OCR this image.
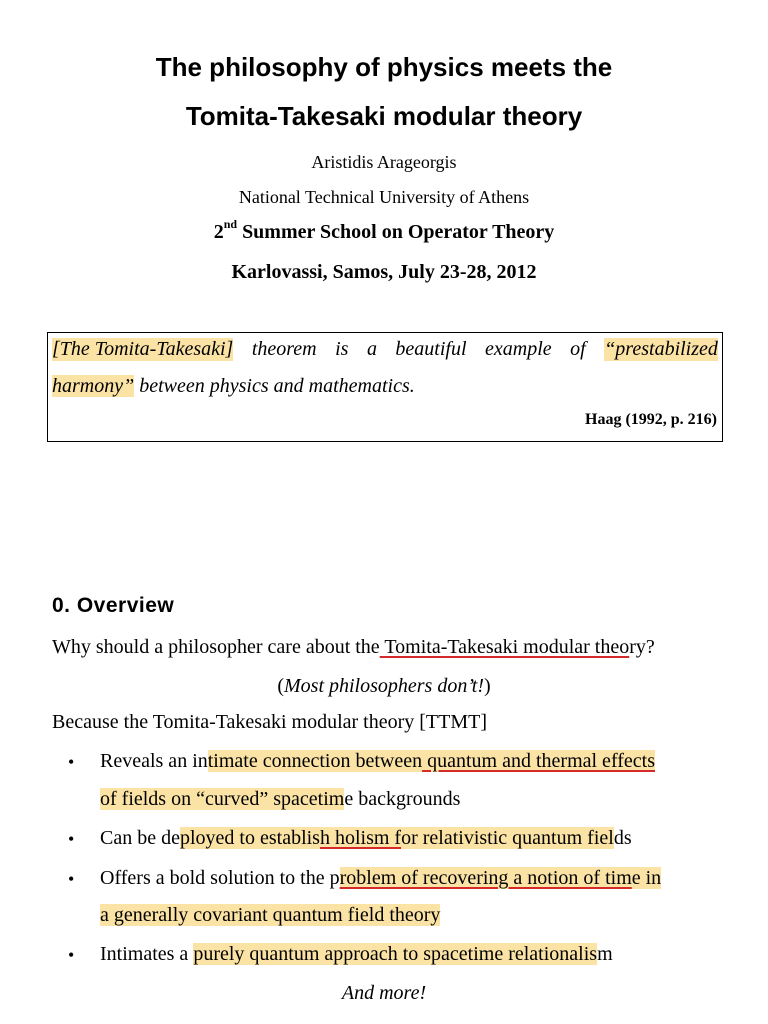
The philosophy of physics meets the
Tomita-Takesaki modular theory
Aristidis Arageorgis
National Technical University of Athens
2nd Summer School on Operator Theory
Karlovassi, Samos, July 23-28, 2012
[The Tomita-Takesaki] theorem is a beautiful example of “prestabilized
harmony” between physics and mathematics.
Haag (1992, p. 216)
0. Overview
Why should a philosopher care about the Tomita-Takesaki modular theory?
(Most philosophers don’t!)
Because the Tomita-Takesaki modular theory [TTMT]
• Reveals an intimate connection between quantum and thermal effects
of fields on “curved” spacetime backgrounds
• Can be deployed to establish holism for relativistic quantum fields
• Offers a bold solution to the problem of recovering a notion of time in
a generally covariant quantum field theory
• Intimates a purely quantum approach to spacetime relationalism
And more!
